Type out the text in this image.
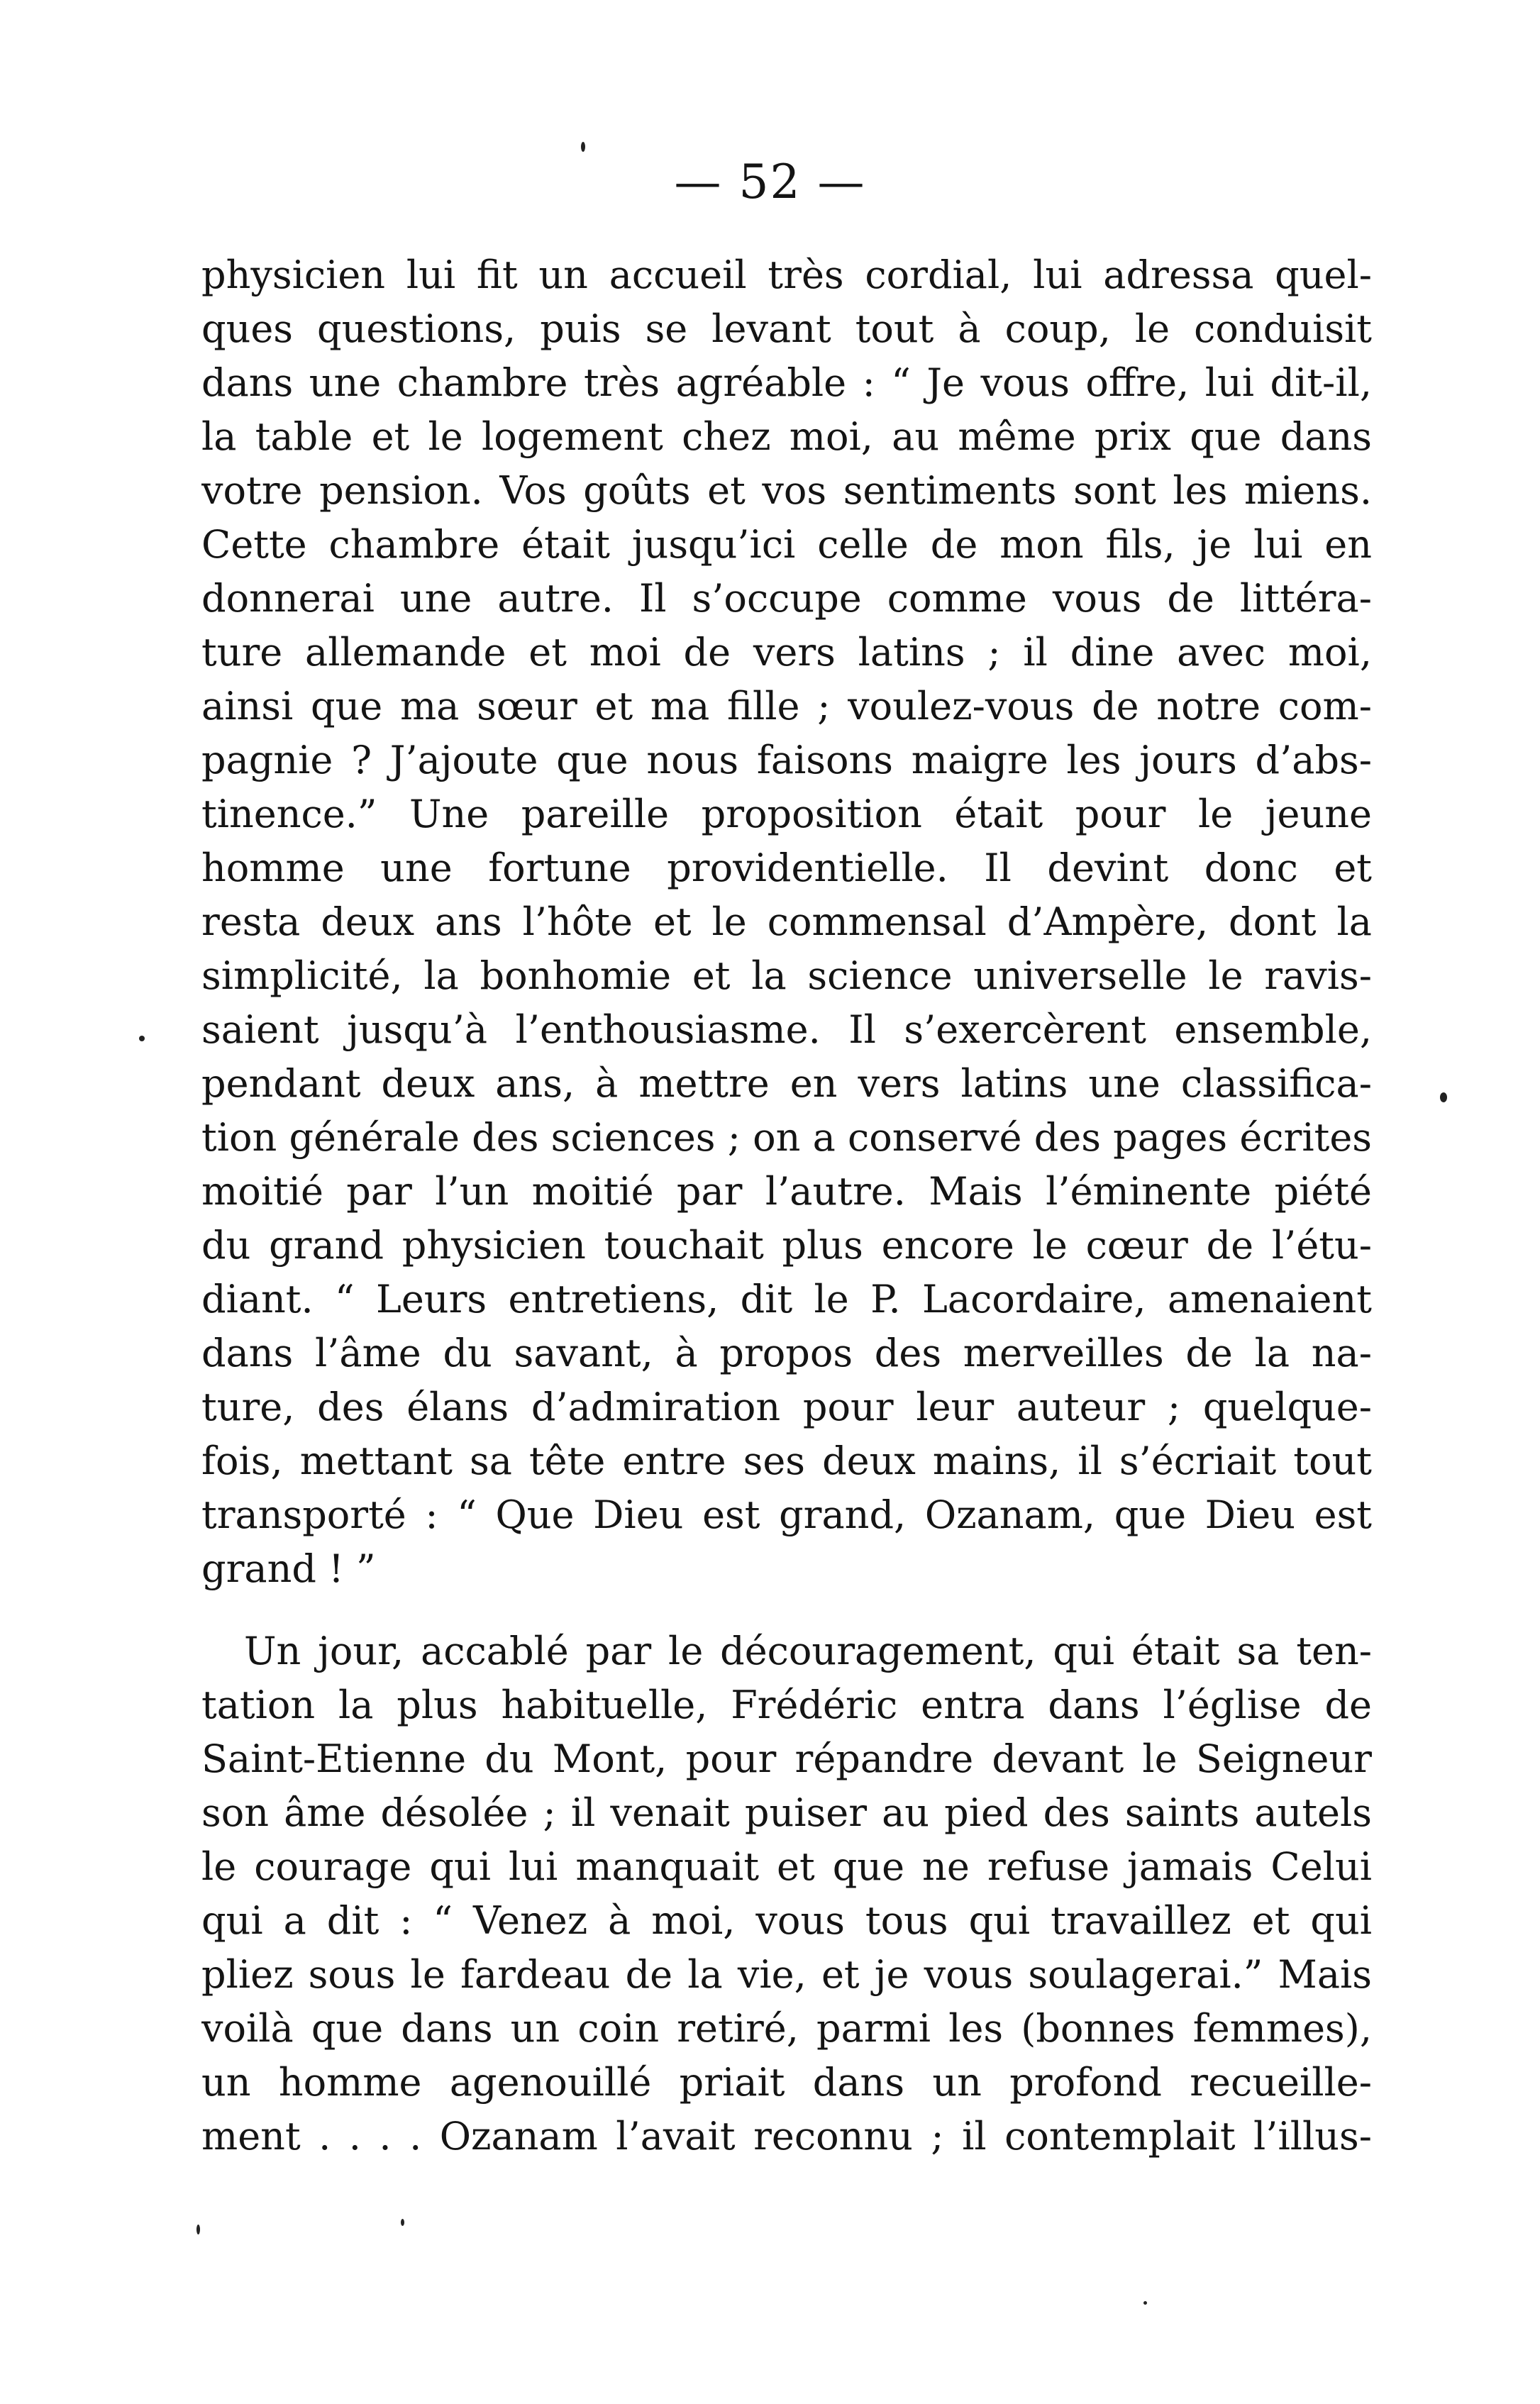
— 52 —
physicien lui fit un accueil très cordial, lui adressa quel-
ques questions, puis se levant tout à coup, le conduisit
dans une chambre très agréable : “ Je vous offre, lui dit-il,
la table et le logement chez moi, au même prix que dans
votre pension. Vos goûts et vos sentiments sont les miens.
Cette chambre était jusqu’ici celle de mon fils, je lui en
donnerai une autre. Il s’occupe comme vous de littéra-
ture allemande et moi de vers latins ; il dine avec moi,
ainsi que ma sœur et ma fille ; voulez-vous de notre com-
pagnie ? J’ajoute que nous faisons maigre les jours d’abs-
tinence.” Une pareille proposition était pour le jeune
homme une fortune providentielle. Il devint donc et
resta deux ans l’hôte et le commensal d’Ampère, dont la
simplicité, la bonhomie et la science universelle le ravis-
saient jusqu’à l’enthousiasme. Il s’exercèrent ensemble,
pendant deux ans, à mettre en vers latins une classifica-
tion générale des sciences ; on a conservé des pages écrites
moitié par l’un moitié par l’autre. Mais l’éminente piété
du grand physicien touchait plus encore le cœur de l’étu-
diant. “ Leurs entretiens, dit le P. Lacordaire, amenaient
dans l’âme du savant, à propos des merveilles de la na-
ture, des élans d’admiration pour leur auteur ; quelque-
fois, mettant sa tête entre ses deux mains, il s’écriait tout
transporté : “ Que Dieu est grand, Ozanam, que Dieu est
grand ! ”
Un jour, accablé par le découragement, qui était sa ten-
tation la plus habituelle, Frédéric entra dans l’église de
Saint-Etienne du Mont, pour répandre devant le Seigneur
son âme désolée ; il venait puiser au pied des saints autels
le courage qui lui manquait et que ne refuse jamais Celui
qui a dit : “ Venez à moi, vous tous qui travaillez et qui
pliez sous le fardeau de la vie, et je vous soulagerai.” Mais
voilà que dans un coin retiré, parmi les (bonnes femmes),
un homme agenouillé priait dans un profond recueille-
ment . . . . Ozanam l’avait reconnu ; il contemplait l’illus-
